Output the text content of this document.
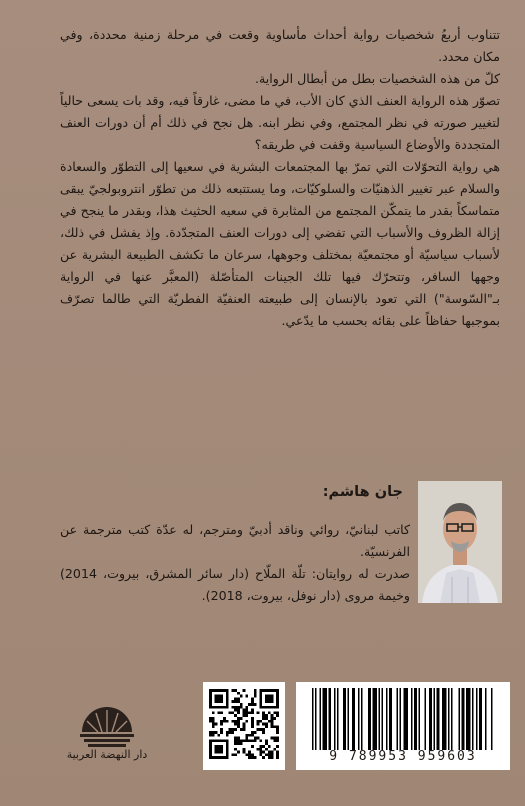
تتناوب أربعُ شخصيات رواية أحداث مأساوية وقعت في مرحلة زمنية محددة، وفي مكان محدد.

كلّ من هذه الشخصيات بطل من أبطال الرواية.

تصوّر هذه الرواية العنف الذي كان الأب، في ما مضى، غارقاً فيه، وقد بات يسعى حالياً لتغيير صورته في نظر المجتمع، وفي نظر ابنه. هل نجح في ذلك أم أن دورات العنف المتجددة والأوضاع السياسية وقفت في طريقه؟

هي رواية التحوّلات التي تمرّ بها المجتمعات البشرية في سعيها إلى التطوّر والسعادة والسلام عبر تغيير الذهنيّات والسلوكيّات، وما يستتبعه ذلك من تطوّر انتروبولجيّ يبقى متماسكاً بقدر ما يتمكّن المجتمع من المثابرة في سعيه الحثيث هذا، وبقدر ما ينجح في إزالة الظروف والأسباب التي تفضي إلى دورات العنف المتجدّدة. وإذ يفشل في ذلك، لأسباب سياسيّة أو مجتمعيّة بمختلف وجوهها، سرعان ما تكشف الطبيعة البشرية عن وجهها السافر، وتتحرّك فيها تلك الجينات المتأصّلة (المعبَّر عنها في الرواية بـ"السّوسة") التي تعود بالإنسان إلى طبيعته العنفيّة الفطريّة التي طالما تصرّف بموجبها حفاظاً على بقائه بحسب ما يدّعي.

جان هاشم:

كاتب لبنانيّ، روائي وناقد أدبيّ ومترجم، له عدّة كتب مترجمة عن الفرنسيّة.

صدرت له روايتان: تلّة الملّاح (دار سائر المشرق، بيروت، 2014) وخيمة مروى (دار نوفل، بيروت، 2018).

دار النهضة العربية	9 789953 959603
